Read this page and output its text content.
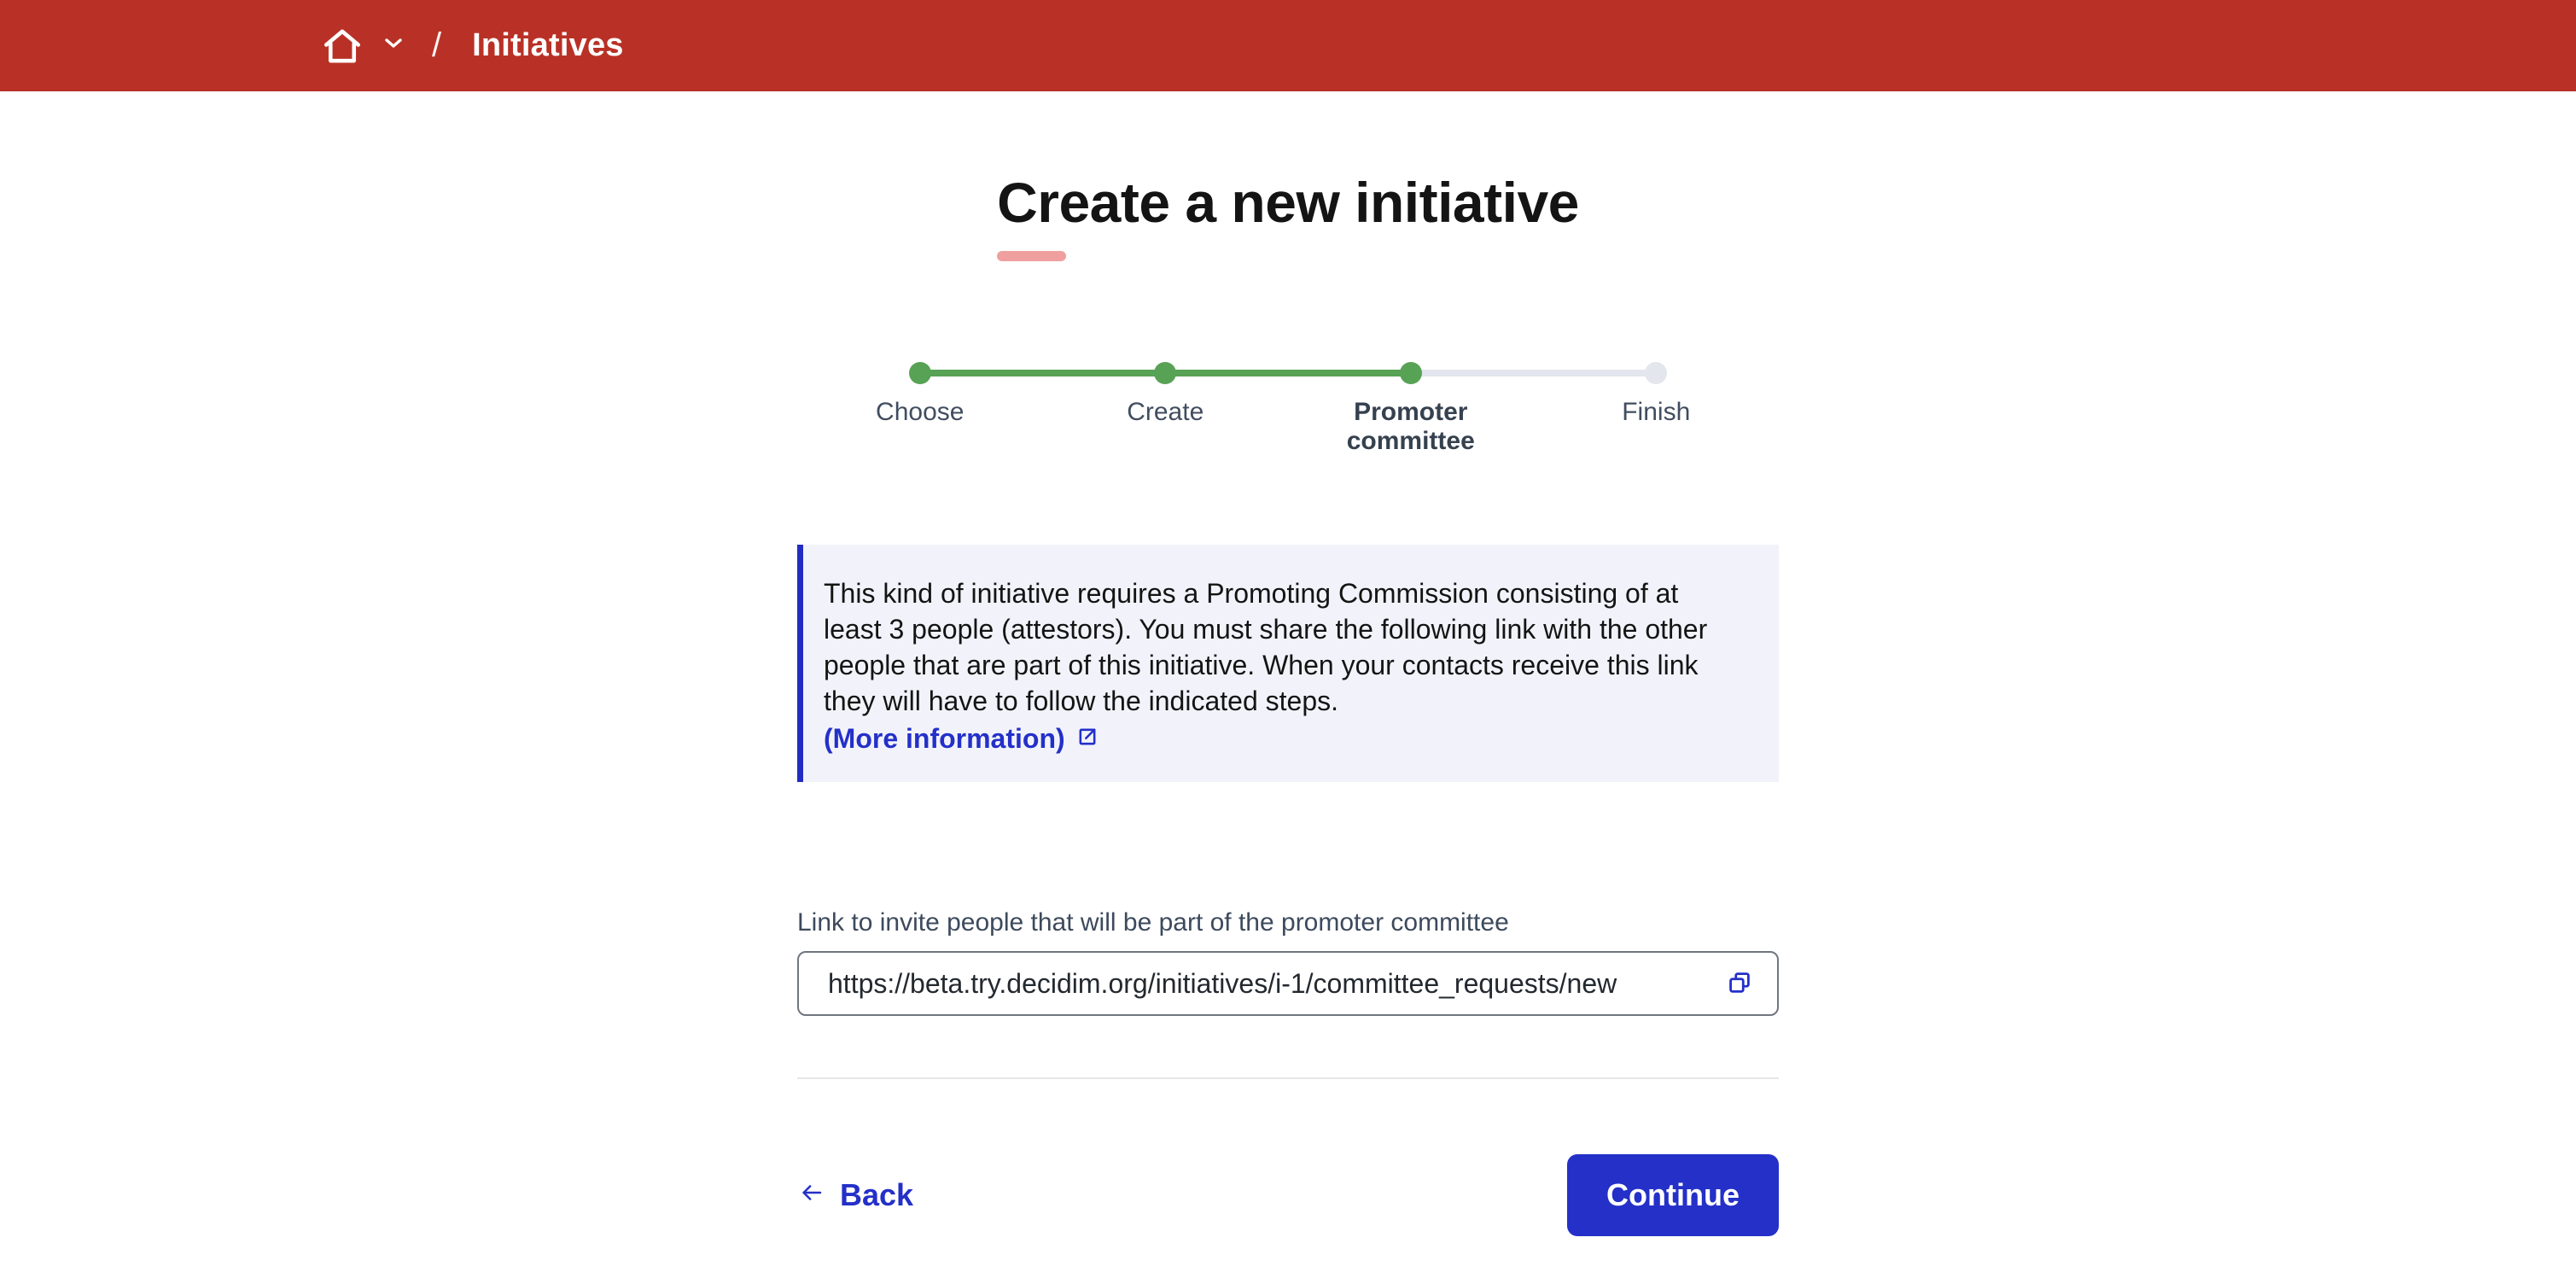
/ Initiatives
Create a new initiative
Choose	Create	Promoter committee
Finish

This kind of initiative requires a Promoting Commission consisting of at least 3 people (attestors). You must share the following link with the other people that are part of this initiative. When your contacts receive this link they will have to follow the indicated steps.

(More information)
Link to invite people that will be part of the promoter committee
https://beta.try.decidim.org/initiatives/i-1/committee_requests/new
Back	Continue
